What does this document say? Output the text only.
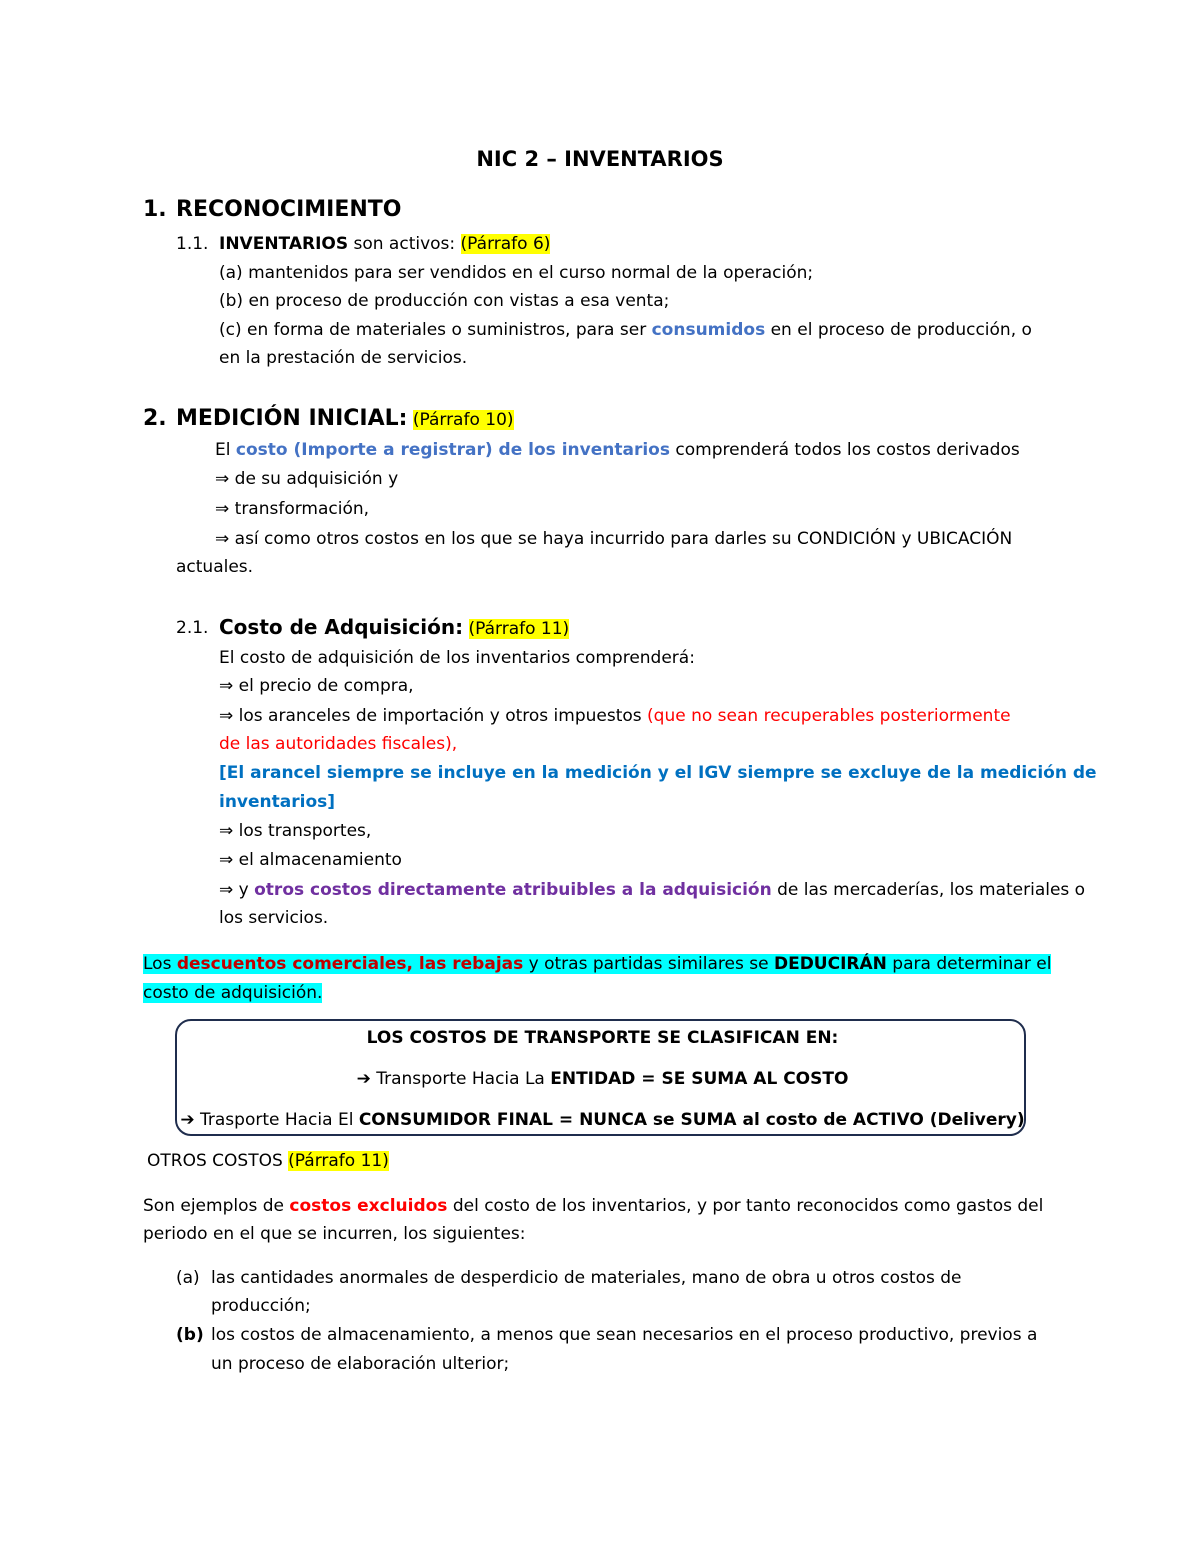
NIC 2 – INVENTARIOS
1. RECONOCIMIENTO
1.1. INVENTARIOS son activos: (Párrafo 6)
(a) mantenidos para ser vendidos en el curso normal de la operación;
(b) en proceso de producción con vistas a esa venta;
(c) en forma de materiales o suministros, para ser consumidos en el proceso de producción, o
en la prestación de servicios.
2. MEDICIÓN INICIAL: (Párrafo 10)
El costo (Importe a registrar) de los inventarios comprenderá todos los costos derivados
⇒ de su adquisición y
⇒ transformación,
⇒ así como otros costos en los que se haya incurrido para darles su CONDICIÓN y UBICACIÓN
actuales.
2.1. Costo de Adquisición: (Párrafo 11)
El costo de adquisición de los inventarios comprenderá:
⇒ el precio de compra,
⇒ los aranceles de importación y otros impuestos (que no sean recuperables posteriormente
de las autoridades fiscales),
[El arancel siempre se incluye en la medición y el IGV siempre se excluye de la medición de
inventarios]
⇒ los transportes,
⇒ el almacenamiento
⇒ y otros costos directamente atribuibles a la adquisición de las mercaderías, los materiales o
los servicios.
Los descuentos comerciales, las rebajas y otras partidas similares se DEDUCIRÁN para determinar el
costo de adquisición.
LOS COSTOS DE TRANSPORTE SE CLASIFICAN EN:
➔ Transporte Hacia La ENTIDAD = SE SUMA AL COSTO
➔ Trasporte Hacia El CONSUMIDOR FINAL = NUNCA se SUMA al costo de ACTIVO (Delivery)
OTROS COSTOS (Párrafo 11)
Son ejemplos de costos excluidos del costo de los inventarios, y por tanto reconocidos como gastos del
periodo en el que se incurren, los siguientes:
(a) las cantidades anormales de desperdicio de materiales, mano de obra u otros costos de
producción;
(b) los costos de almacenamiento, a menos que sean necesarios en el proceso productivo, previos a
un proceso de elaboración ulterior;
